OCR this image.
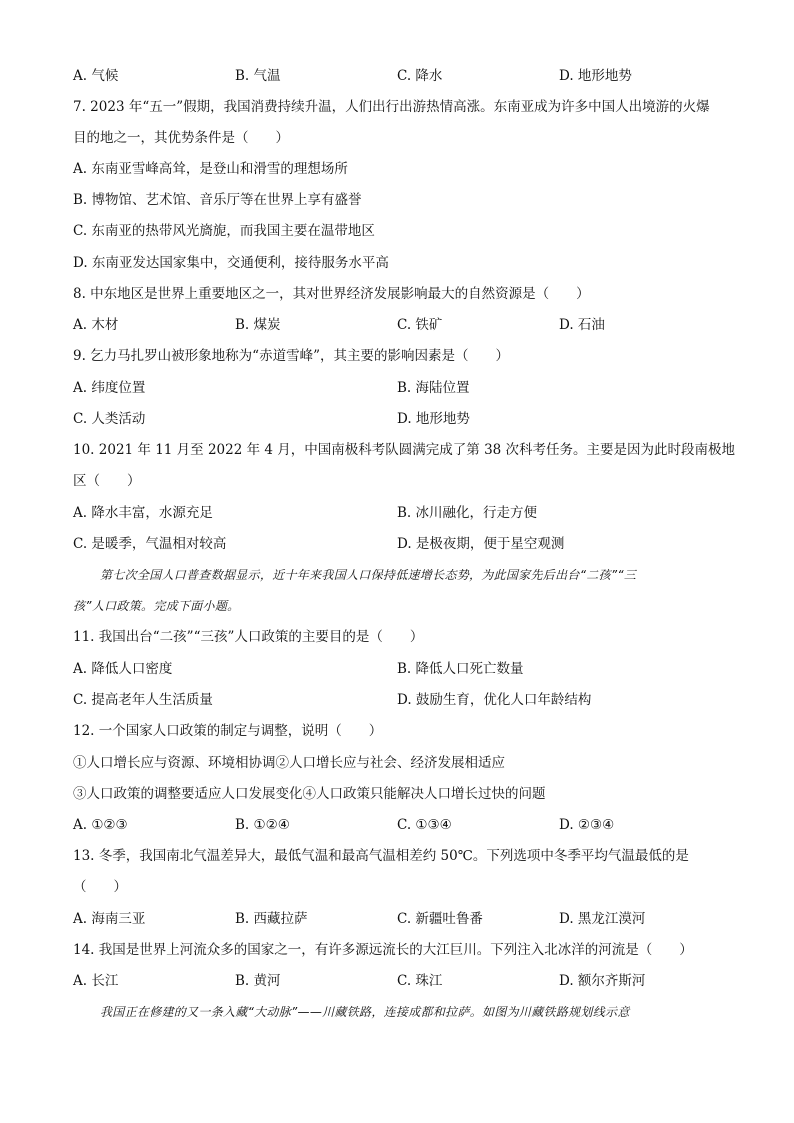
A. 气候	B. 气温	C. 降水	D. 地形地势
7. 2023 年“五一”假期，我国消费持续升温，人们出行出游热情高涨。东南亚成为许多中国人出境游的火爆
目的地之一，其优势条件是（　　）
A. 东南亚雪峰高耸，是登山和滑雪的理想场所
B. 博物馆、艺术馆、音乐厅等在世界上享有盛誉
C. 东南亚的热带风光旖旎，而我国主要在温带地区
D. 东南亚发达国家集中，交通便利，接待服务水平高
8. 中东地区是世界上重要地区之一，其对世界经济发展影响最大的自然资源是（　　）
A. 木材	B. 煤炭	C. 铁矿	D. 石油
9. 乞力马扎罗山被形象地称为“赤道雪峰”，其主要的影响因素是（　　）
A. 纬度位置	B. 海陆位置
C. 人类活动	D. 地形地势
10. 2021 年 11 月至 2022 年 4 月，中国南极科考队圆满完成了第 38 次科考任务。主要是因为此时段南极地
区（　　）
A. 降水丰富，水源充足	B. 冰川融化，行走方便
C. 是暖季，气温相对较高	D. 是极夜期，便于星空观测
第七次全国人口普查数据显示，近十年来我国人口保持低速增长态势，为此国家先后出台“二孩”“三
孩”人口政策。完成下面小题。
11. 我国出台“二孩”“三孩”人口政策的主要目的是（　　）
A. 降低人口密度	B. 降低人口死亡数量
C. 提高老年人生活质量	D. 鼓励生育，优化人口年龄结构
12. 一个国家人口政策的制定与调整，说明（　　）
①人口增长应与资源、环境相协调②人口增长应与社会、经济发展相适应
③人口政策的调整要适应人口发展变化④人口政策只能解决人口增长过快的问题
A. ①②③	B. ①②④	C. ①③④	D. ②③④
13. 冬季，我国南北气温差异大，最低气温和最高气温相差约 50℃。下列选项中冬季平均气温最低的是
（　　）
A. 海南三亚	B. 西藏拉萨	C. 新疆吐鲁番	D. 黑龙江漠河
14. 我国是世界上河流众多的国家之一，有许多源远流长的大江巨川。下列注入北冰洋的河流是（　　）
A. 长江	B. 黄河	C. 珠江	D. 额尔齐斯河
我国正在修建的又一条入藏“大动脉”——川藏铁路，连接成都和拉萨。如图为川藏铁路规划线示意
